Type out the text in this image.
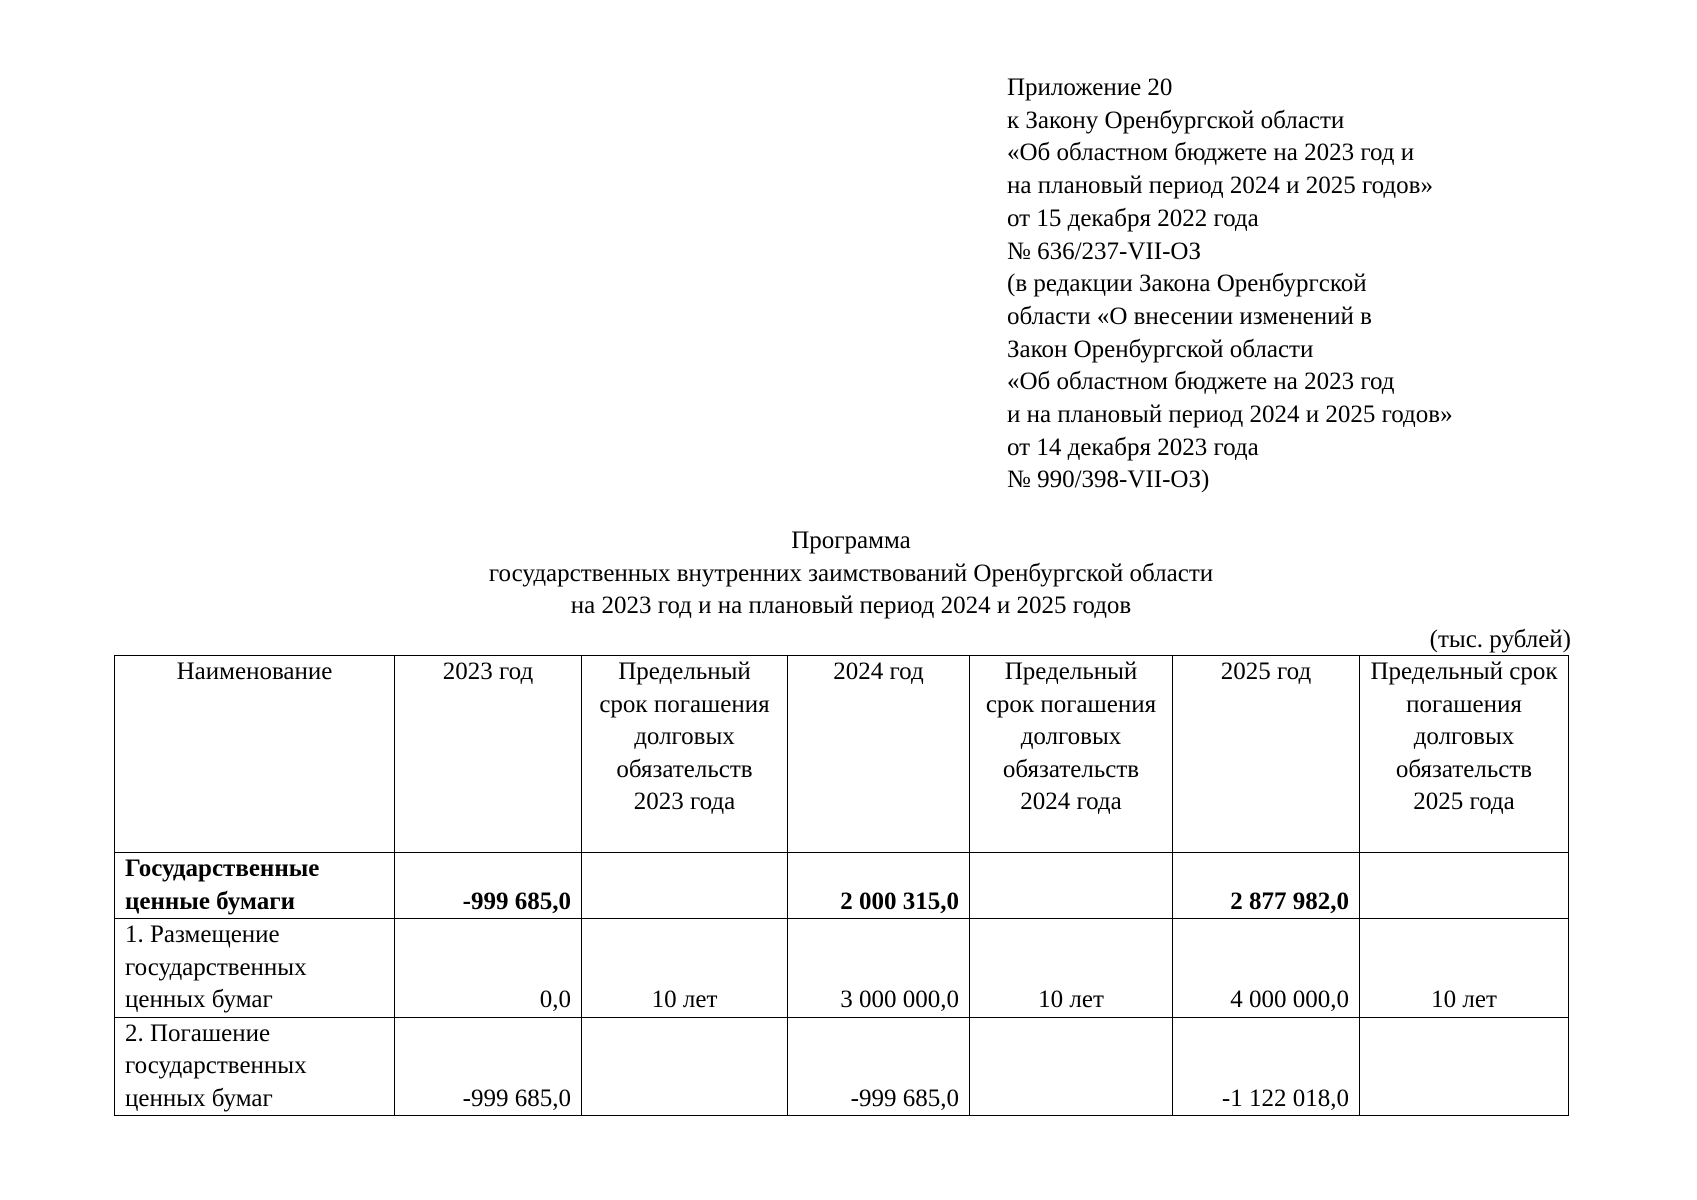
Приложение 20
к Закону Оренбургской области
«Об областном бюджете на 2023 год и
на плановый период 2024 и 2025 годов»
от 15 декабря 2022 года
№ 636/237-VII-ОЗ
(в редакции Закона Оренбургской
области «О внесении изменений в
Закон Оренбургской области
«Об областном бюджете на 2023 год
и на плановый период 2024 и 2025 годов»
от 14 декабря 2023 года
№ 990/398-VII-ОЗ)
Программа
государственных внутренних заимствований Оренбургской области
на 2023 год и на плановый период 2024 и 2025 годов
(тыс. рублей)
Наименование	2023 год	Предельный срок погашения долговых обязательств 2023 года	2024 год	Предельный срок погашения долговых обязательств 2024 года	2025 год	Предельный срок погашения долговых обязательств 2025 года
Государственные ценные бумаги	-999 685,0		2 000 315,0		2 877 982,0	
1. Размещение государственных ценных бумаг	0,0	10 лет	3 000 000,0	10 лет	4 000 000,0	10 лет
2. Погашение государственных ценных бумаг	-999 685,0		-999 685,0		-1 122 018,0	
